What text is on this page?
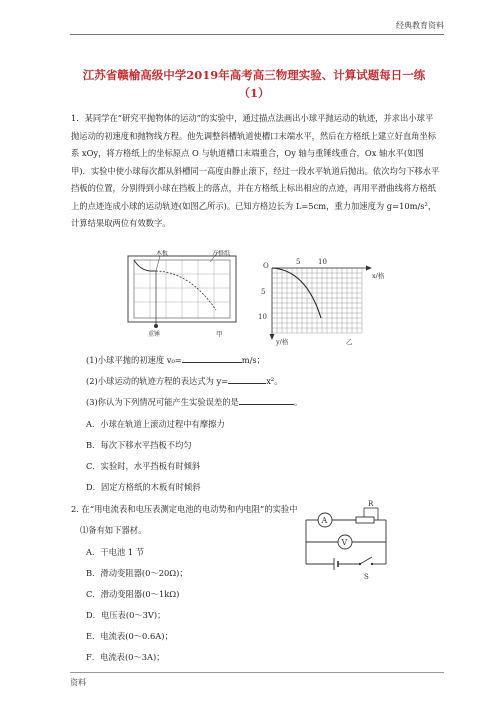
经典教育资料
江苏省赣榆高级中学2019年高考高三物理实验、计算试题每日一练
（1）
1．某同学在“研究平抛物体的运动”的实验中，通过描点法画出小球平抛运动的轨迹，并求出小球平抛运动的初速度和抛物线方程。他先调整斜槽轨道使槽口末端水平，然后在方格纸上建立好直角坐标系 xOy，将方格纸上的坐标原点 O 与轨道槽口末端重合，Oy 轴与重锤线重合，Ox 轴水平(如图甲)．实验中使小球每次都从斜槽同一高度由静止滚下，经过一段水平轨道后抛出。依次均匀下移水平挡板的位置，分别得到小球在挡板上的落点，并在方格纸上标出相应的点迹，再用平滑曲线将方格纸上的点迹连成小球的运动轨迹(如图乙所示)。已知方格边长为 L=5cm，重力加速度为 g=10m/s²，计算结果取两位有效数字。
木板	方格纸
重锤	甲
O	5	10
5
10
x/格
y/格	乙
(1)小球平抛的初速度 v₀=	m/s；
(2)小球运动的轨迹方程的表达式为 y=	x²。
(3)你认为下列情况可能产生实验误差的是	。
A．小球在轨道上滚动过程中有摩擦力
B．每次下移水平挡板不均匀
C．实验时，水平挡板有时倾斜
D．固定方格纸的木板有时倾斜
2. 在“用电流表和电压表测定电池的电动势和内电阻”的实验中
⑴备有如下器材。
A．干电池 1 节
B．滑动变阻器(0～20Ω)；
C．滑动变阻器(0～1kΩ)
D．电压表(0～3V)；
E．电流表(0～0.6A)；
F．电流表(0～3A)；
A
R
V
S
资料
